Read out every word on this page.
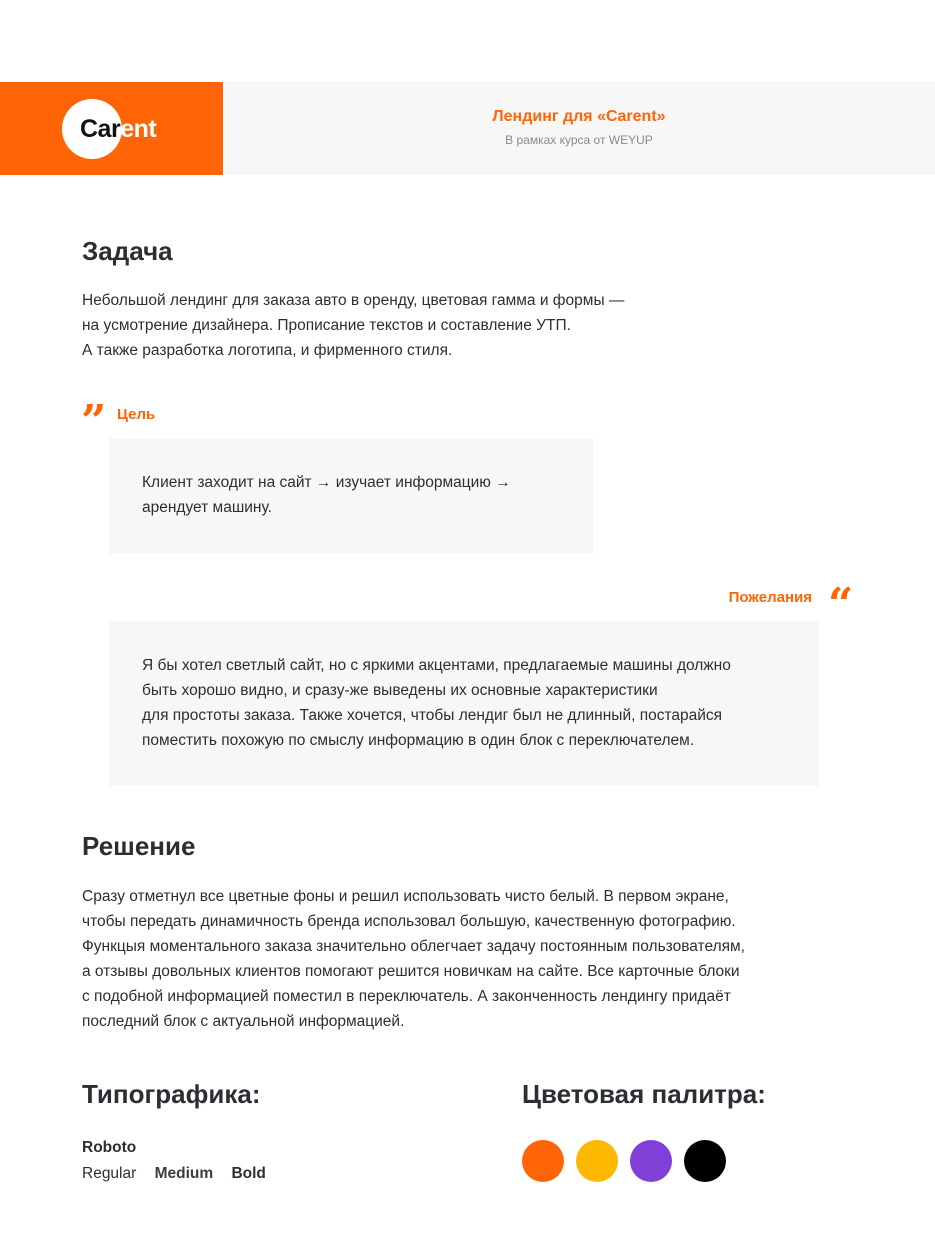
Carent	Лендинг для «Carent»
В рамках курса от WEYUP
Задача
Небольшой лендинг для заказа авто в оренду, цветовая гамма и формы —
на усмотрение дизайнера. Прописание текстов и составление УТП.
А также разработка логотипа, и фирменного стиля.
” Цель
Клиент заходит на сайт → изучает информацию →
арендует машину.
Пожелания “
Я бы хотел светлый сайт, но с яркими акцентами, предлагаемые машины должно
быть хорошо видно, и сразу-же выведены их основные характеристики
для простоты заказа. Также хочется, чтобы лендиг был не длинный, постарайся
поместить похожую по смыслу информацию в один блок с переключателем.
Решение
Сразу отметнул все цветные фоны и решил использовать чисто белый. В первом экране,
чтобы передать динамичность бренда использовал большую, качественную фотографию.
Функцыя моментального заказа значительно облегчает задачу постоянным пользователям,
а отзывы довольных клиентов помогают решится новичкам на сайте. Все карточные блоки
с подобной информацией поместил в переключатель. А законченность лендингу придаёт
последний блок с актуальной информацией.
Типографика:
Roboto
Regular Medium Bold
Цветовая палитра:
